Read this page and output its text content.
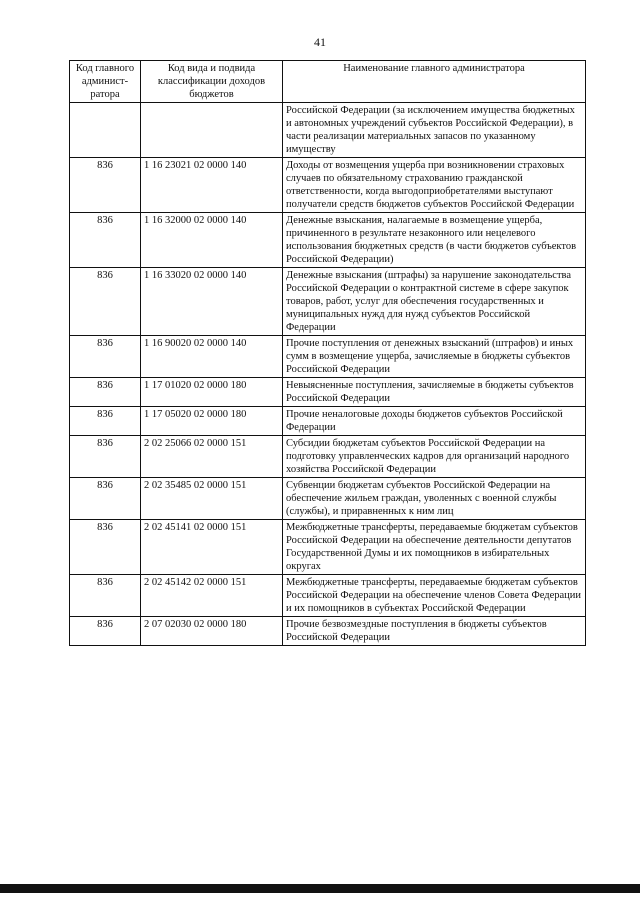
41
Код главного админист-ратора	Код вида и подвида классификации доходов бюджетов	Наименование главного администратора
		Российской Федерации (за исключением имущества бюджетных и автономных учреждений субъектов Российской Федерации), в части реализации материальных запасов по указанному имуществу
836	1 16 23021 02 0000 140	Доходы от возмещения ущерба при возникновении страховых случаев по обязательному страхованию гражданской ответственности, когда выгодоприобретателями выступают получатели средств бюджетов субъектов Российской Федерации
836	1 16 32000 02 0000 140	Денежные взыскания, налагаемые в возмещение ущерба, причиненного в результате незаконного или нецелевого использования бюджетных средств (в части бюджетов субъектов Российской Федерации)
836	1 16 33020 02 0000 140	Денежные взыскания (штрафы) за нарушение законодательства Российской Федерации о контрактной системе в сфере закупок товаров, работ, услуг для обеспечения государственных и муниципальных нужд для нужд субъектов Российской Федерации
836	1 16 90020 02 0000 140	Прочие поступления от денежных взысканий (штрафов) и иных сумм в возмещение ущерба, зачисляемые в бюджеты субъектов Российской Федерации
836	1 17 01020 02 0000 180	Невыясненные поступления, зачисляемые в бюджеты субъектов Российской Федерации
836	1 17 05020 02 0000 180	Прочие неналоговые доходы бюджетов субъектов Российской Федерации
836	2 02 25066 02 0000 151	Субсидии бюджетам субъектов Российской Федерации на подготовку управленческих кадров для организаций народного хозяйства Российской Федерации
836	2 02 35485 02 0000 151	Субвенции бюджетам субъектов Российской Федерации на обеспечение жильем граждан, уволенных с военной службы (службы), и приравненных к ним лиц
836	2 02 45141 02 0000 151	Межбюджетные трансферты, передаваемые бюджетам субъектов Российской Федерации на обеспечение деятельности депутатов Государственной Думы и их помощников в избирательных округах
836	2 02 45142 02 0000 151	Межбюджетные трансферты, передаваемые бюджетам субъектов Российской Федерации на обеспечение членов Совета Федерации и их помощников в субъектах Российской Федерации
836	2 07 02030 02 0000 180	Прочие безвозмездные поступления в бюджеты субъектов Российской Федерации
